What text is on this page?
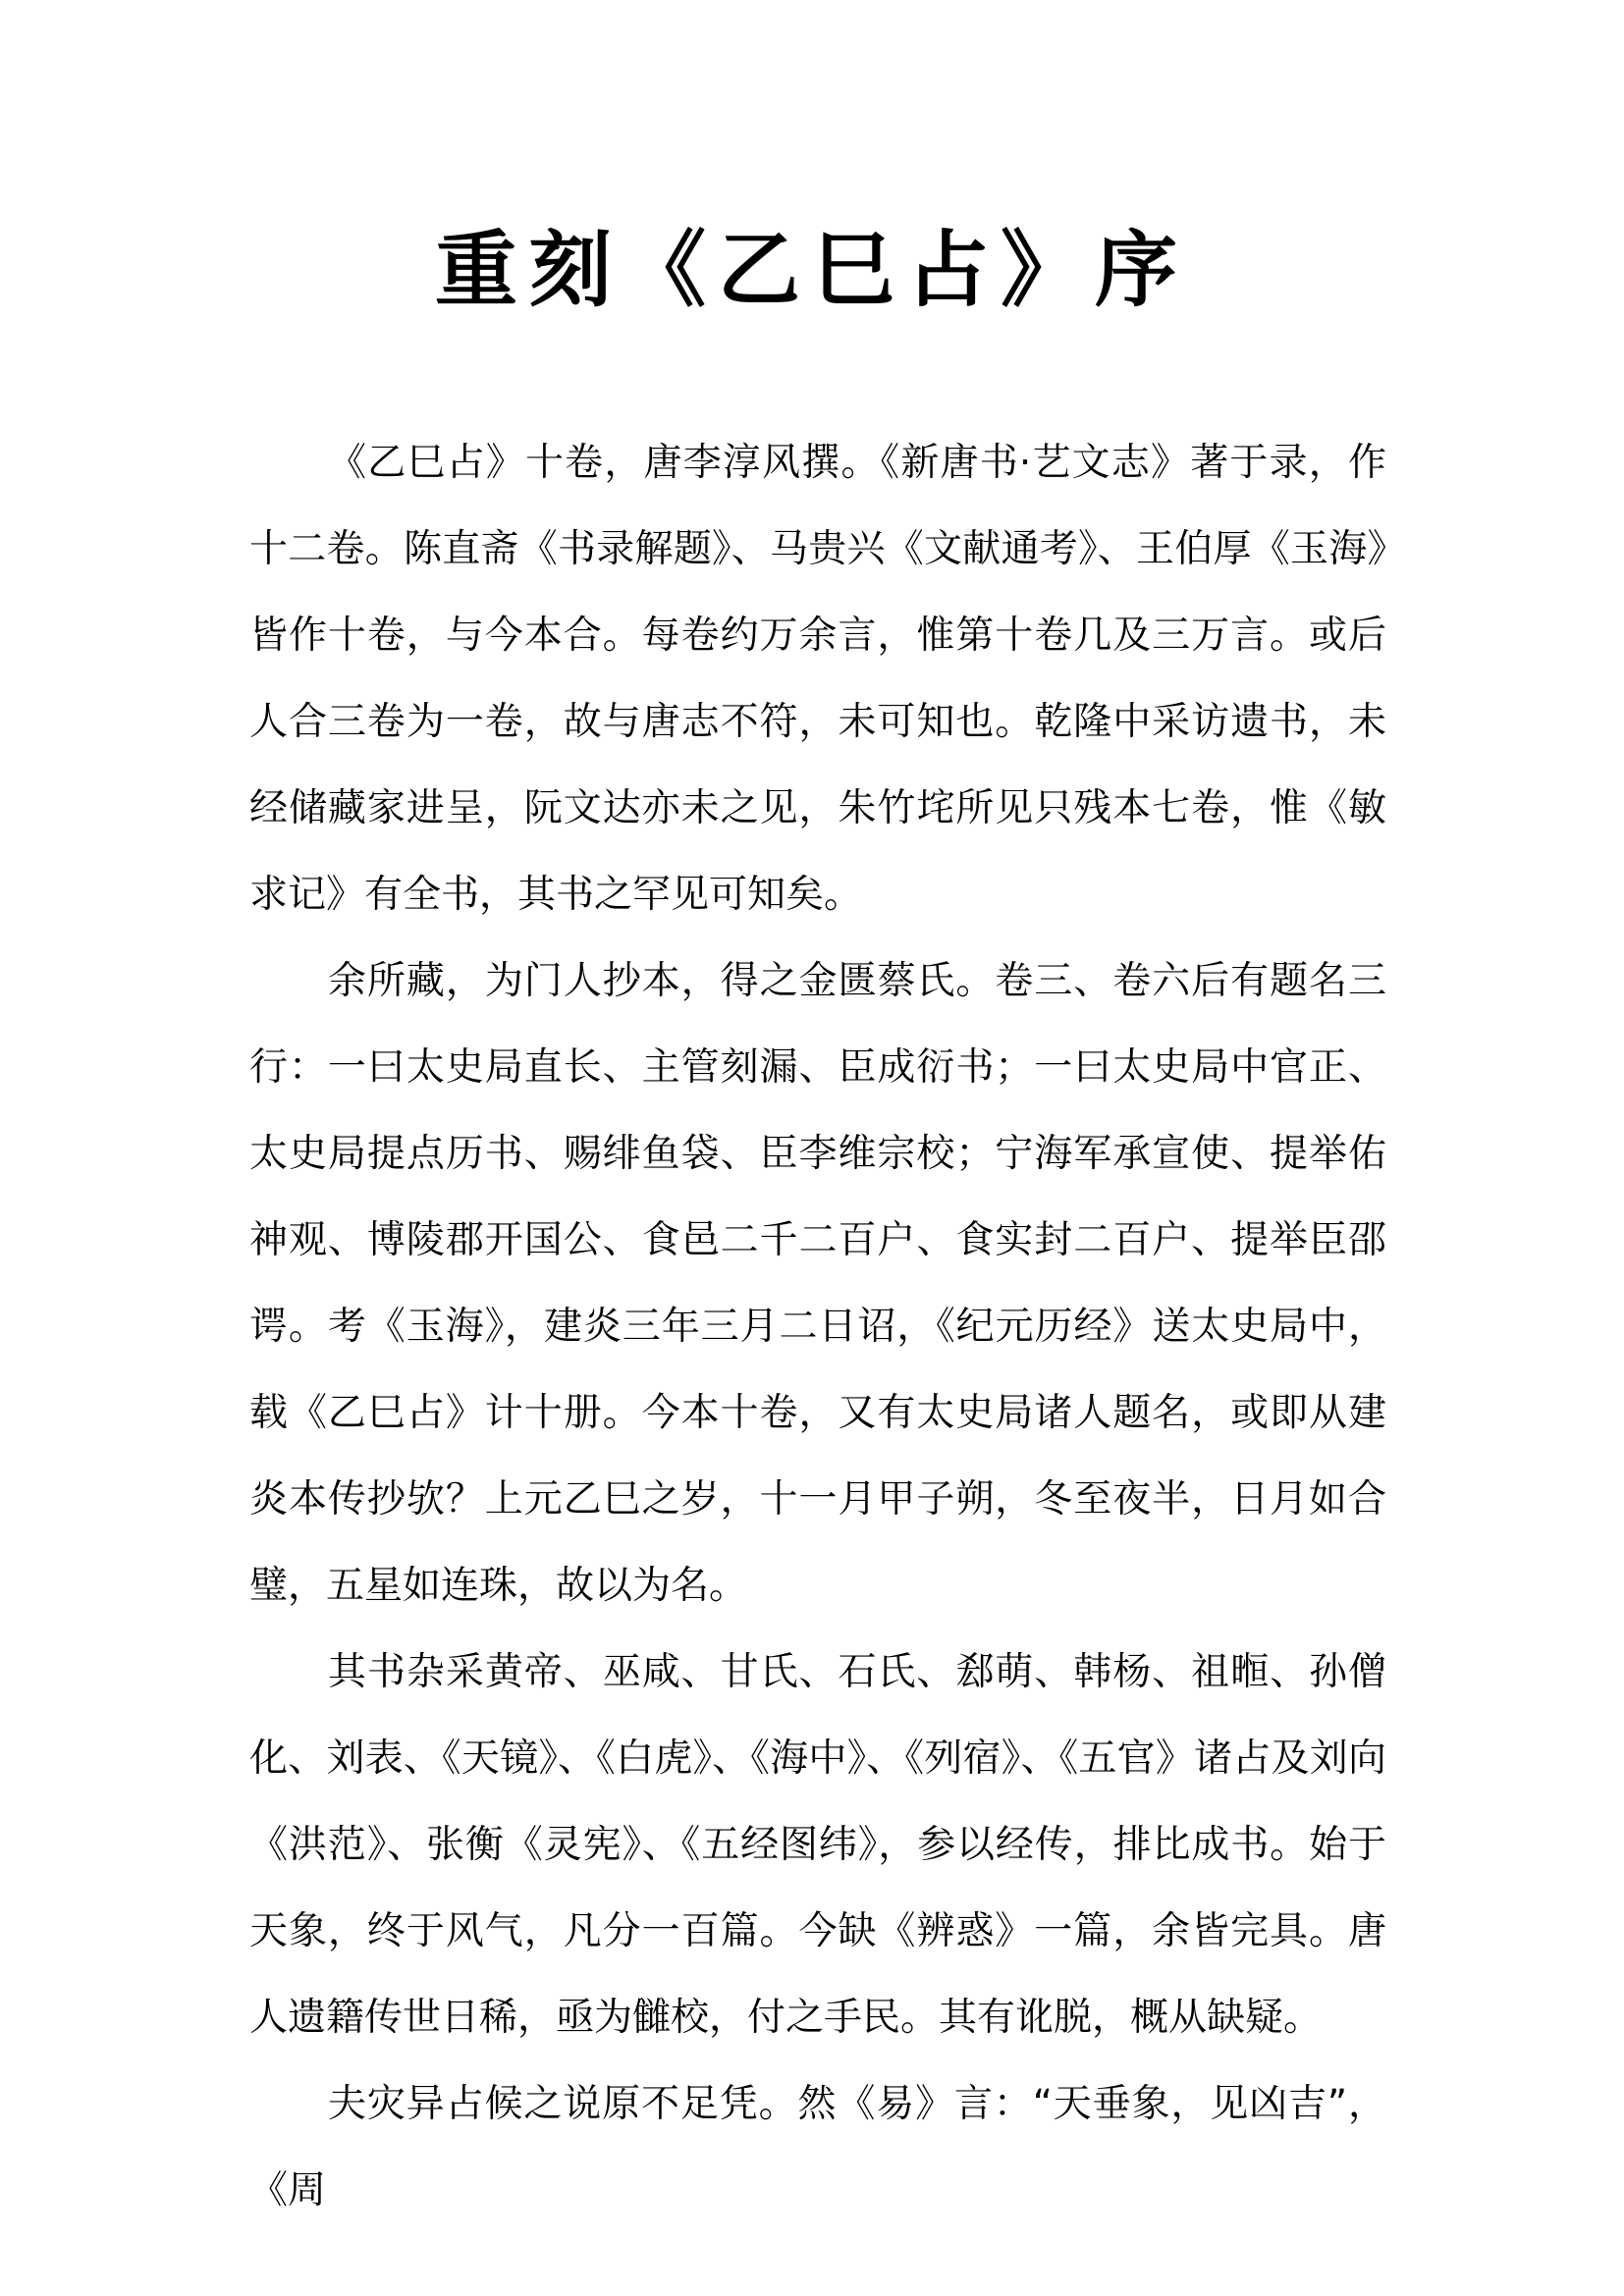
重刻《乙巳占》序

《乙巳占》十卷，唐李淳风撰。《新唐书·艺文志》著于录，作十二卷。陈直斋《书录解题》、马贵兴《文献通考》、王伯厚《玉海》皆作十卷，与今本合。每卷约万余言，惟第十卷几及三万言。或后人合三卷为一卷，故与唐志不符，未可知也。乾隆中采访遗书，未经储藏家进呈，阮文达亦未之见，朱竹垞所见只残本七卷，惟《敏求记》有全书，其书之罕见可知矣。

余所藏，为门人抄本，得之金匮蔡氏。卷三、卷六后有题名三行：一曰太史局直长、主管刻漏、臣成衍书；一曰太史局中官正、太史局提点历书、赐绯鱼袋、臣李维宗校；宁海军承宣使、提举佑神观、博陵郡开国公、食邑二千二百户、食实封二百户、提举臣邵谔。考《玉海》，建炎三年三月二日诏，《纪元历经》送太史局中，载《乙巳占》计十册。今本十卷，又有太史局诸人题名，或即从建炎本传抄欤？上元乙巳之岁，十一月甲子朔，冬至夜半，日月如合璧，五星如连珠，故以为名。

其书杂采黄帝、巫咸、甘氏、石氏、郄萌、韩杨、祖暅、孙僧化、刘表、《天镜》、《白虎》、《海中》、《列宿》、《五官》诸占及刘向《洪范》、张衡《灵宪》、《五经图纬》，参以经传，排比成书。始于天象，终于风气，凡分一百篇。今缺《辨惑》一篇，余皆完具。唐人遗籍传世日稀，亟为雠校，付之手民。其有讹脱，概从缺疑。

夫灾异占候之说原不足凭。然《易》言：“天垂象，见凶吉”，《周
